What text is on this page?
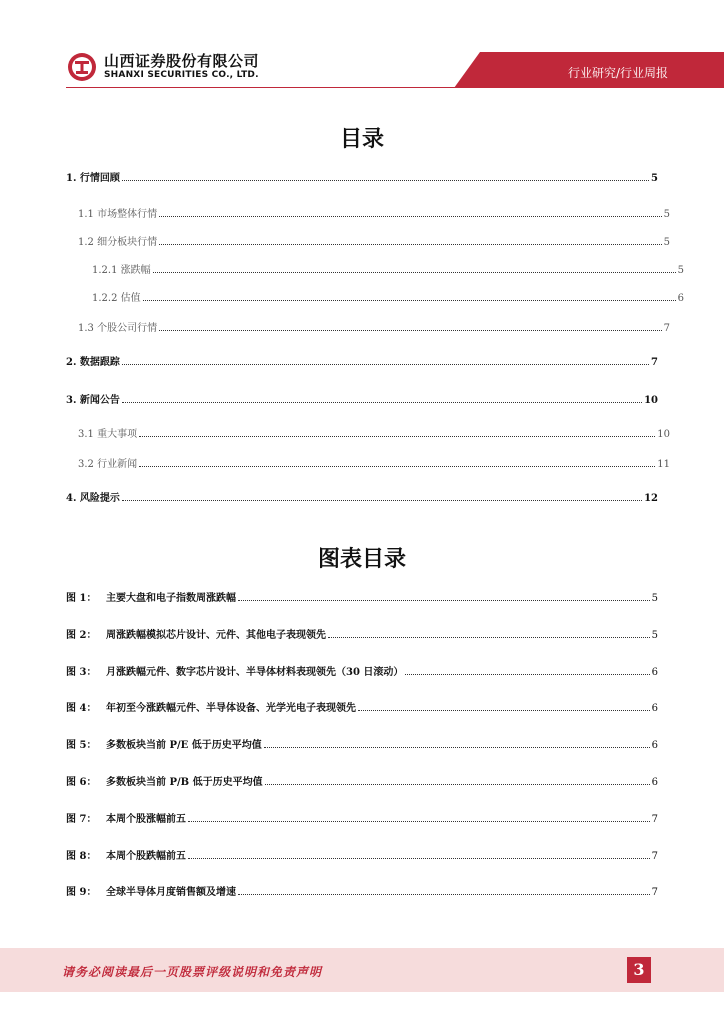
山西证券股份有限公司
SHANXI SECURITIES CO., LTD.	行业研究/行业周报
目录
1. 行情回顾	5
1.1 市场整体行情	5
1.2 细分板块行情	5
1.2.1 涨跌幅	5
1.2.2 估值	6
1.3 个股公司行情	7
2. 数据跟踪	7
3. 新闻公告	10
3.1 重大事项	10
3.2 行业新闻	11
4. 风险提示	12
图表目录
图 1： 主要大盘和电子指数周涨跌幅	5
图 2： 周涨跌幅模拟芯片设计、元件、其他电子表现领先	5
图 3： 月涨跌幅元件、数字芯片设计、半导体材料表现领先（30 日滚动）	6
图 4： 年初至今涨跌幅元件、半导体设备、光学光电子表现领先	6
图 5： 多数板块当前 P/E 低于历史平均值	6
图 6： 多数板块当前 P/B 低于历史平均值	6
图 7： 本周个股涨幅前五	7
图 8： 本周个股跌幅前五	7
图 9： 全球半导体月度销售额及增速	7
请务必阅读最后一页股票评级说明和免责声明	3
